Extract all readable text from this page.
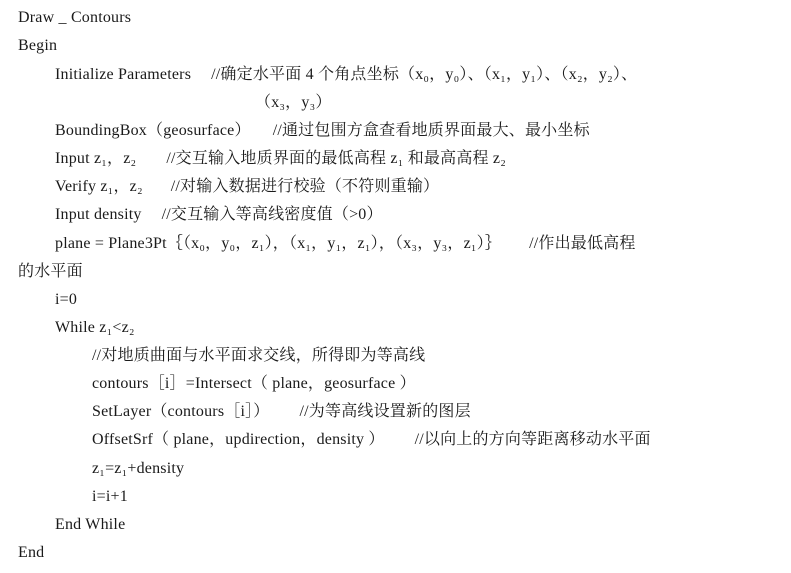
Draw _ Contours
Begin
Initialize Parameters //确定水平面 4 个角点坐标（x₀，y₀）、（x₁，y₁）、（x₂，y₂）、
（x₃，y₃）
BoundingBox（geosurface） //通过包围方盒查看地质界面最大、最小坐标
Input z₁，z₂ //交互输入地质界面的最低高程 z₁ 和最高高程 z₂
Verify z₁，z₂ //对输入数据进行校验（不符则重输）
Input density //交互输入等高线密度值（>0）
plane = Plane3Pt｛（x₀，y₀，z₁），（x₁，y₁，z₁），（x₃，y₃，z₁）｝ //作出最低高程
的水平面
i=0
While z₁<z₂
//对地质曲面与水平面求交线，所得即为等高线
contours［i］=Intersect（ plane，geosurface ）
SetLayer（contours［i］） //为等高线设置新的图层
OffsetSrf（ plane，updirection，density ） //以向上的方向等距离移动水平面
z₁=z₁+density
i=i+1
End While
End
